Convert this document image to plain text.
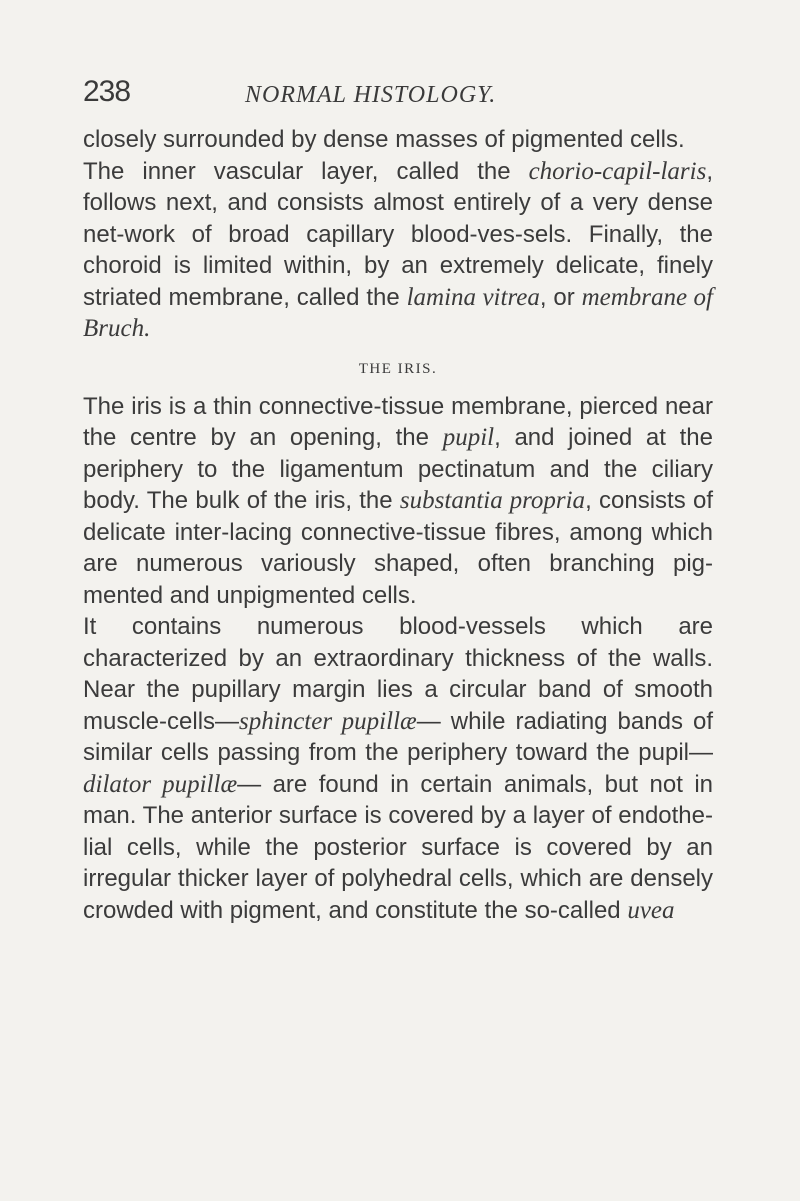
238	NORMAL HISTOLOGY.

closely surrounded by dense masses of pigmented cells.

The inner vascular layer, called the chorio-capil-laris, follows next, and consists almost entirely of a very dense net-work of broad capillary blood-ves-sels. Finally, the choroid is limited within, by an extremely delicate, finely striated membrane, called the lamina vitrea, or membrane of Bruch.

THE IRIS.

The iris is a thin connective-tissue membrane, pierced near the centre by an opening, the pupil, and joined at the periphery to the ligamentum pectinatum and the ciliary body. The bulk of the iris, the substantia propria, consists of delicate inter-lacing connective-tissue fibres, among which are numerous variously shaped, often branching pig-mented and unpigmented cells.

It contains numerous blood-vessels which are characterized by an extraordinary thickness of the walls. Near the pupillary margin lies a circular band of smooth muscle-cells—sphincter pupillæ— while radiating bands of similar cells passing from the periphery toward the pupil—dilator pupillæ— are found in certain animals, but not in man. The anterior surface is covered by a layer of endothe-lial cells, while the posterior surface is covered by an irregular thicker layer of polyhedral cells, which are densely crowded with pigment, and constitute the so-called uvea
